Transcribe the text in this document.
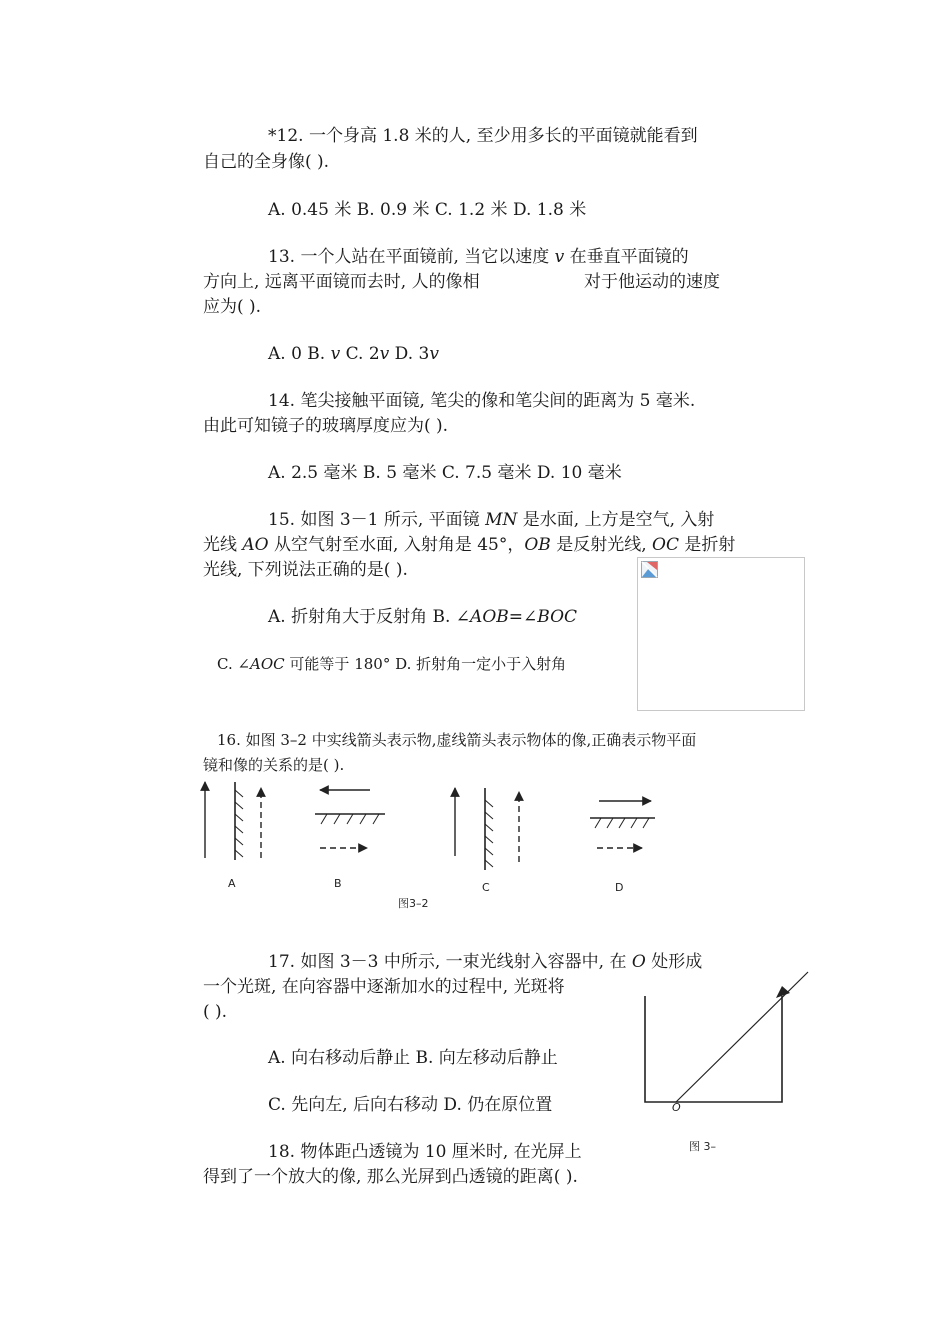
*12. 一个身高 1.8 米的人, 至少用多长的平面镜就能看到
自己的全身像( ).
A. 0.45 米 B. 0.9 米 C. 1.2 米 D. 1.8 米
13. 一个人站在平面镜前, 当它以速度 v 在垂直平面镜的
方向上, 远离平面镜而去时, 人的像相	对于他运动的速度
应为( ).
A. 0 B. v C. 2v D. 3v
14. 笔尖接触平面镜, 笔尖的像和笔尖间的距离为 5 毫米.
由此可知镜子的玻璃厚度应为( ).
A. 2.5 毫米 B. 5 毫米 C. 7.5 毫米 D. 10 毫米
15. 如图 3－1 所示, 平面镜 MN 是水面, 上方是空气, 入射
光线 AO 从空气射至水面, 入射角是 45°，OB 是反射光线, OC 是折射
光线, 下列说法正确的是( ).
A. 折射角大于反射角 B. ∠AOB=∠BOC
C. ∠AOC 可能等于 180° D. 折射角一定小于入射角
16. 如图 3–2 中实线箭头表示物,虚线箭头表示物体的像,正确表示物平面
镜和像的关系的是( ).
A	B	C	D
图3–2
17. 如图 3－3 中所示, 一束光线射入容器中, 在 O 处形成
一个光斑, 在向容器中逐渐加水的过程中, 光斑将
( ).
A. 向右移动后静止 B. 向左移动后静止
C. 先向左, 后向右移动 D. 仍在原位置	O
图 3–
18. 物体距凸透镜为 10 厘米时, 在光屏上
得到了一个放大的像, 那么光屏到凸透镜的距离( ).
